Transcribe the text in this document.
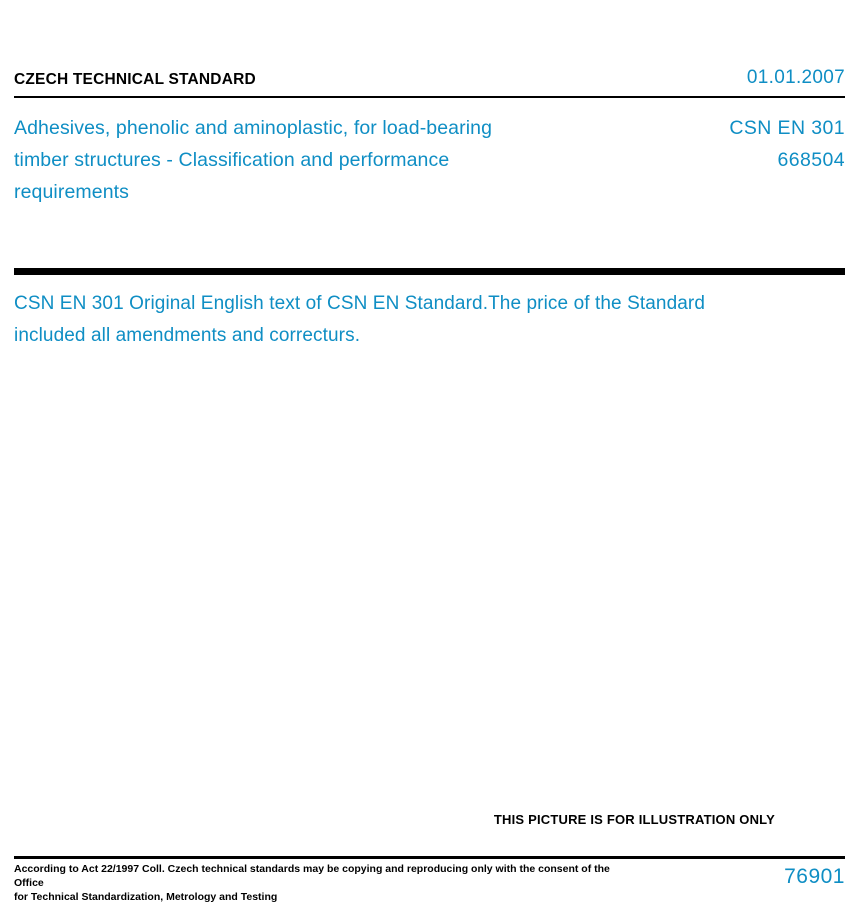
CZECH TECHNICAL STANDARD	01.01.2007
Adhesives, phenolic and aminoplastic, for load-bearing timber structures - Classification and performance requirements
CSN EN 301
668504
CSN EN 301 Original English text of CSN EN Standard.The price of the Standard included all amendments and correcturs.
THIS PICTURE IS FOR ILLUSTRATION ONLY
According to Act 22/1997 Coll. Czech technical standards may be copying and reproducing only with the consent of the Office
for Technical Standardization, Metrology and Testing
76901
